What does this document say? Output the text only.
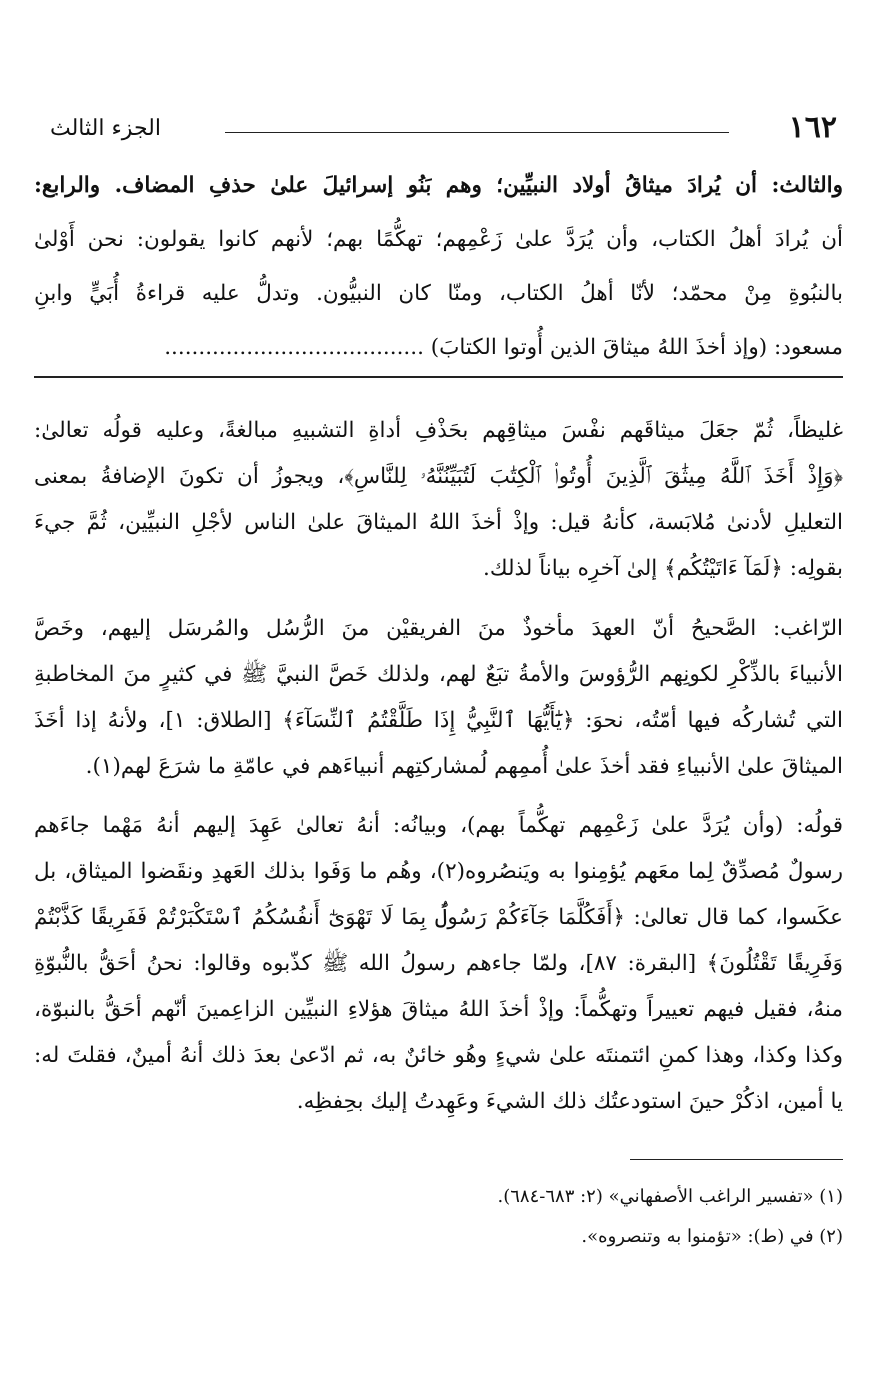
١٦٢
الجزء الثالث
والثالث: أن يُرادَ ميثاقُ أولاد النبيِّين؛ وهم بَنُو إسرائيلَ علىٰ حذفِ المضاف. والرابع:
أن يُرادَ أهلُ الكتاب، وأن يُرَدَّ علىٰ زَعْمِهم؛ تهكُّمًا بهم؛ لأنهم كانوا يقولون: نحن أَوْلىٰ
بالنبُوةِ مِنْ محمّد؛ لأنّا أهلُ الكتاب، ومنّا كان النبيُّون. وتدلُّ عليه قراءةُ أُبَيٍّ وابنِ
مسعود: (وإذ أخذَ اللهُ ميثاقَ الذين أُوتوا الكتابَ) ......................................
غليظاً، ثُمّ جعَلَ ميثاقَهم نفْسَ ميثاقِهم بحَذْفِ أداةِ التشبيهِ مبالغةً، وعليه قولُه تعالىٰ:
﴿وَإِذْ أَخَذَ ٱللَّهُ مِيثَٰقَ ٱلَّذِينَ أُوتُوا۟ ٱلْكِتَٰبَ لَتُبَيِّنُنَّهُۥ لِلنَّاسِ﴾، ويجوزُ أن تكونَ الإضافةُ بمعنى
التعليلِ لأدنىٰ مُلابَسة، كأنهُ قيل: وإذْ أخذَ اللهُ الميثاقَ علىٰ الناس لأجْلِ النبيِّين، ثُمَّ جيءَ
بقولِه: ﴿لَمَآ ءَاتَيْتُكُم﴾ إلىٰ آخرِه بياناً لذلك.
الرّاغب: الصَّحيحُ أنّ العهدَ مأخوذٌ منَ الفريقيْن منَ الرُّسُل والمُرسَل إليهم، وخَصَّ
الأنبياءَ بالذِّكْرِ لكونِهم الرُّؤوسَ والأمةُ تبَعٌ لهم، ولذلك خَصَّ النبيَّ ﷺ في كثيرٍ منَ المخاطبةِ
التي تُشاركُه فيها أمّتُه، نحوَ: ﴿يَٰٓأَيُّهَا ٱلنَّبِيُّ إِذَا طَلَّقْتُمُ ٱلنِّسَآءَ﴾ [الطلاق: ١]، ولأنهُ إذا أخَذَ
الميثاقَ علىٰ الأنبياءِ فقد أخذَ علىٰ أُممِهم لُمشاركتِهم أنبياءَهم في عامّةِ ما شرَعَ لهم(١).
قولُه: (وأن يُرَدَّ علىٰ زَعْمِهم تهكُّماً بهم)، وبيانُه: أنهُ تعالىٰ عَهِدَ إليهم أنهُ مَهْما جاءَهم
رسولٌ مُصدِّقٌ لِما معَهم يُؤمِنوا به ويَنصُروه(٢)، وهُم ما وَفَوا بذلك العَهدِ ونقَضوا الميثاق، بل
عكَسوا، كما قال تعالىٰ: ﴿أَفَكُلَّمَا جَآءَكُمْ رَسُولٌۢ بِمَا لَا تَهْوَىٰٓ أَنفُسُكُمُ ٱسْتَكْبَرْتُمْ فَفَرِيقًا كَذَّبْتُمْ
وَفَرِيقًا تَقْتُلُونَ﴾ [البقرة: ٨٧]، ولمّا جاءهم رسولُ الله ﷺ كذّبوه وقالوا: نحنُ أحَقُّ بالنُّبوّةِ
منهُ، فقيل فيهم تعييراً وتهكُّماً: وإذْ أخذَ اللهُ ميثاقَ هؤلاءِ النبيِّين الزاعِمينَ أنّهم أحَقُّ بالنبوّة،
وكذا وكذا، وهذا كمنِ ائتمنتَه علىٰ شيءٍ وهُو خائنٌ به، ثم ادّعىٰ بعدَ ذلك أنهُ أمينٌ، فقلتَ له:
يا أمين، اذكُرْ حينَ استودعتُك ذلك الشيءَ وعَهِدتُ إليك بحِفظِه.
(١) «تفسير الراغب الأصفهاني» (٢: ٦٨٣-٦٨٤).
(٢) في (ط): «تؤمنوا به وتنصروه».
